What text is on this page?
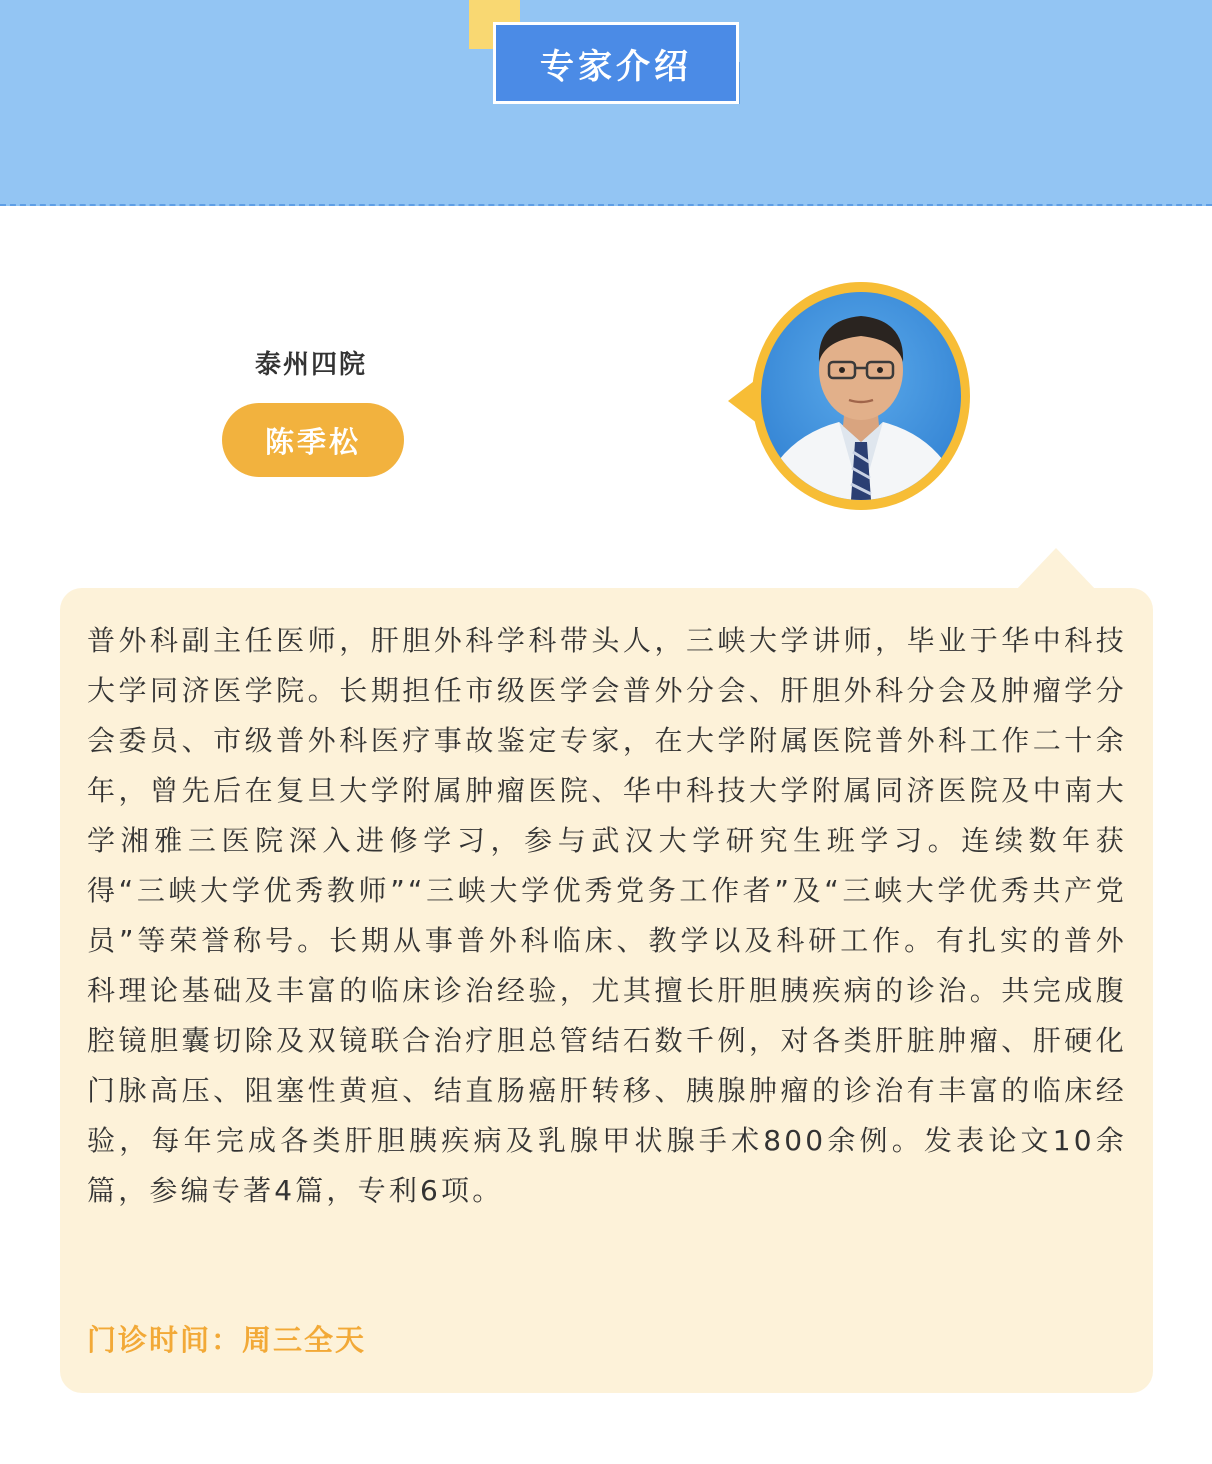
专家介绍
泰州四院
陈季松

普外科副主任医师，肝胆外科学科带头人，三峡大学讲师，毕业于华中科技大学同济医学院。长期担任市级医学会普外分会、肝胆外科分会及肿瘤学分会委员、市级普外科医疗事故鉴定专家，在大学附属医院普外科工作二十余年，曾先后在复旦大学附属肿瘤医院、华中科技大学附属同济医院及中南大学湘雅三医院深入进修学习，参与武汉大学研究生班学习。连续数年获得“三峡大学优秀教师”“三峡大学优秀党务工作者”及“三峡大学优秀共产党员”等荣誉称号。长期从事普外科临床、教学以及科研工作。有扎实的普外科理论基础及丰富的临床诊治经验，尤其擅长肝胆胰疾病的诊治。共完成腹腔镜胆囊切除及双镜联合治疗胆总管结石数千例，对各类肝脏肿瘤、肝硬化门脉高压、阻塞性黄疸、结直肠癌肝转移、胰腺肿瘤的诊治有丰富的临床经验，每年完成各类肝胆胰疾病及乳腺甲状腺手术800余例。发表论文10余篇，参编专著4篇，专利6项。

门诊时间：周三全天
